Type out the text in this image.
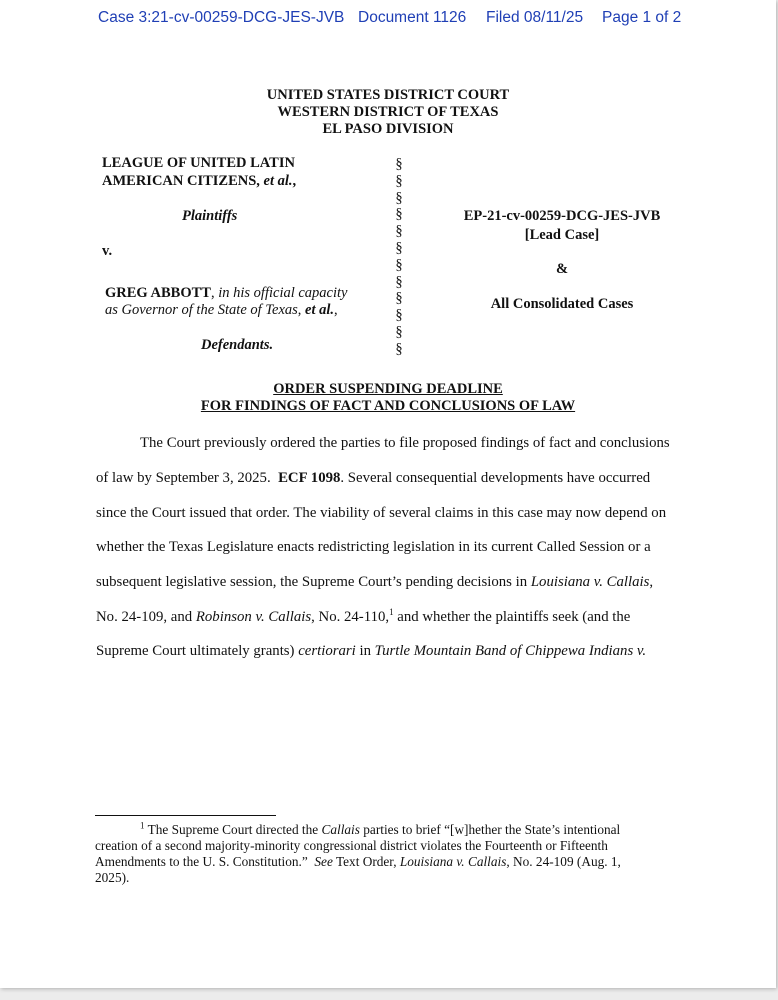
Case 3:21-cv-00259-DCG-JES-JVB Document 1126 Filed 08/11/25 Page 1 of 2
UNITED STATES DISTRICT COURT
WESTERN DISTRICT OF TEXAS
EL PASO DIVISION
LEAGUE OF UNITED LATIN
AMERICAN CITIZENS, et al.,
Plaintiffs
v.
GREG ABBOTT, in his official capacity
as Governor of the State of Texas, et al.,
Defendants.
§
§
§
§
§
§
§
§
§
§
§
§
EP-21-cv-00259-DCG-JES-JVB
[Lead Case]
&
All Consolidated Cases
ORDER SUSPENDING DEADLINE
FOR FINDINGS OF FACT AND CONCLUSIONS OF LAW
The Court previously ordered the parties to file proposed findings of fact and conclusions
of law by September 3, 2025. ECF 1098. Several consequential developments have occurred
since the Court issued that order. The viability of several claims in this case may now depend on
whether the Texas Legislature enacts redistricting legislation in its current Called Session or a
subsequent legislative session, the Supreme Court’s pending decisions in Louisiana v. Callais,
No. 24-109, and Robinson v. Callais, No. 24-110,$^1$ and whether the plaintiffs seek (and the
Supreme Court ultimately grants) certiorari in Turtle Mountain Band of Chippewa Indians v.
$^1$ The Supreme Court directed the Callais parties to brief “[w]hether the State’s intentional
creation of a second majority-minority congressional district violates the Fourteenth or Fifteenth
Amendments to the U. S. Constitution.” See Text Order, Louisiana v. Callais, No. 24-109 (Aug. 1,
2025).
